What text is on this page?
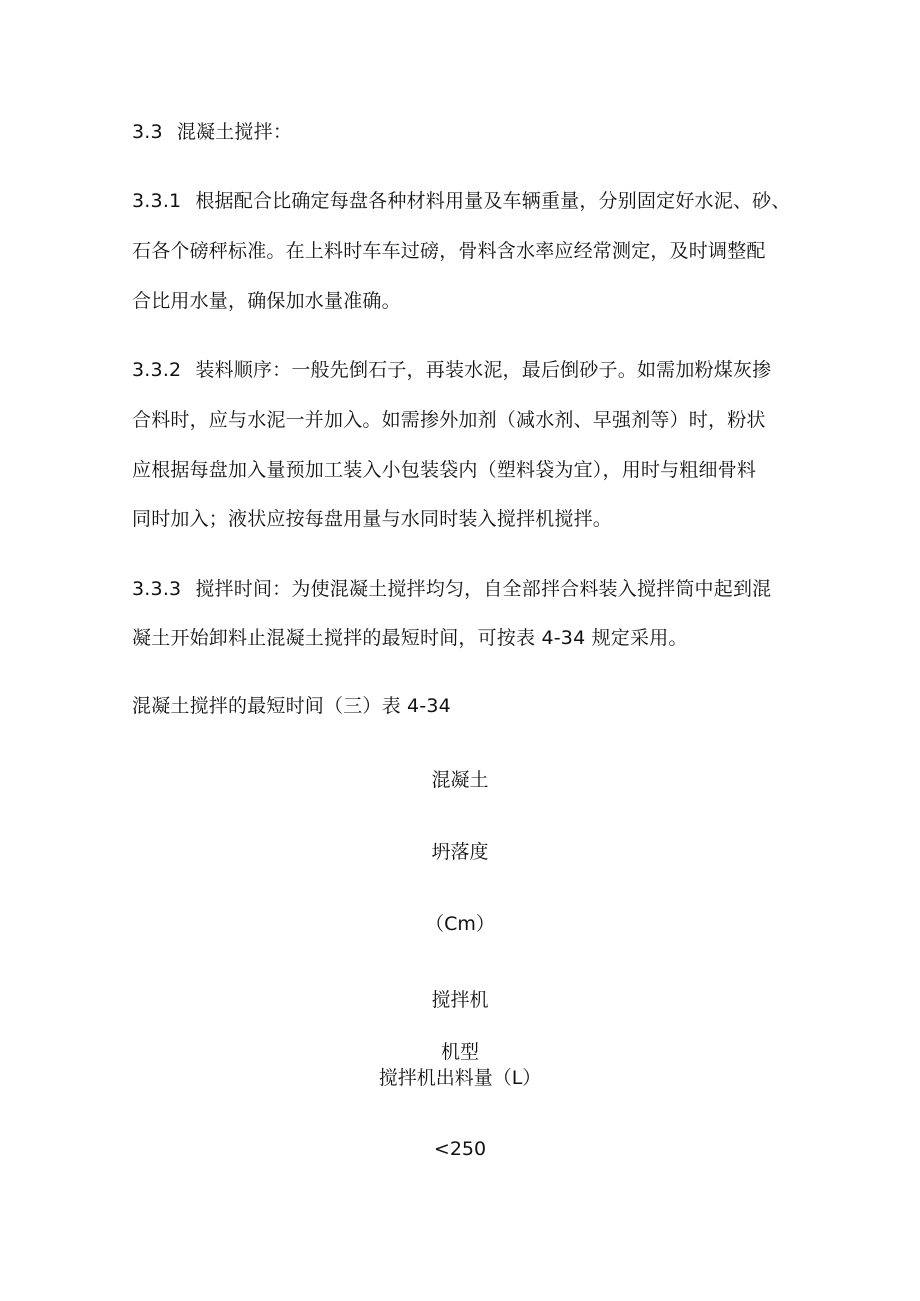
3.3 混凝土搅拌：
3.3.1 根据配合比确定每盘各种材料用量及车辆重量，分别固定好水泥、砂、
石各个磅秤标准。在上料时车车过磅，骨料含水率应经常测定，及时调整配
合比用水量，确保加水量准确。
3.3.2 装料顺序：一般先倒石子，再装水泥，最后倒砂子。如需加粉煤灰掺
合料时，应与水泥一并加入。如需掺外加剂（减水剂、早强剂等）时，粉状
应根据每盘加入量预加工装入小包装袋内（塑料袋为宜），用时与粗细骨料
同时加入；液状应按每盘用量与水同时装入搅拌机搅拌。
3.3.3 搅拌时间：为使混凝土搅拌均匀，自全部拌合料装入搅拌筒中起到混
凝土开始卸料止混凝土搅拌的最短时间，可按表 4-34 规定采用。
混凝土搅拌的最短时间（三）表 4-34
混凝土
坍落度
（Cm）
搅拌机
机型
搅拌机出料量（L）
<250
